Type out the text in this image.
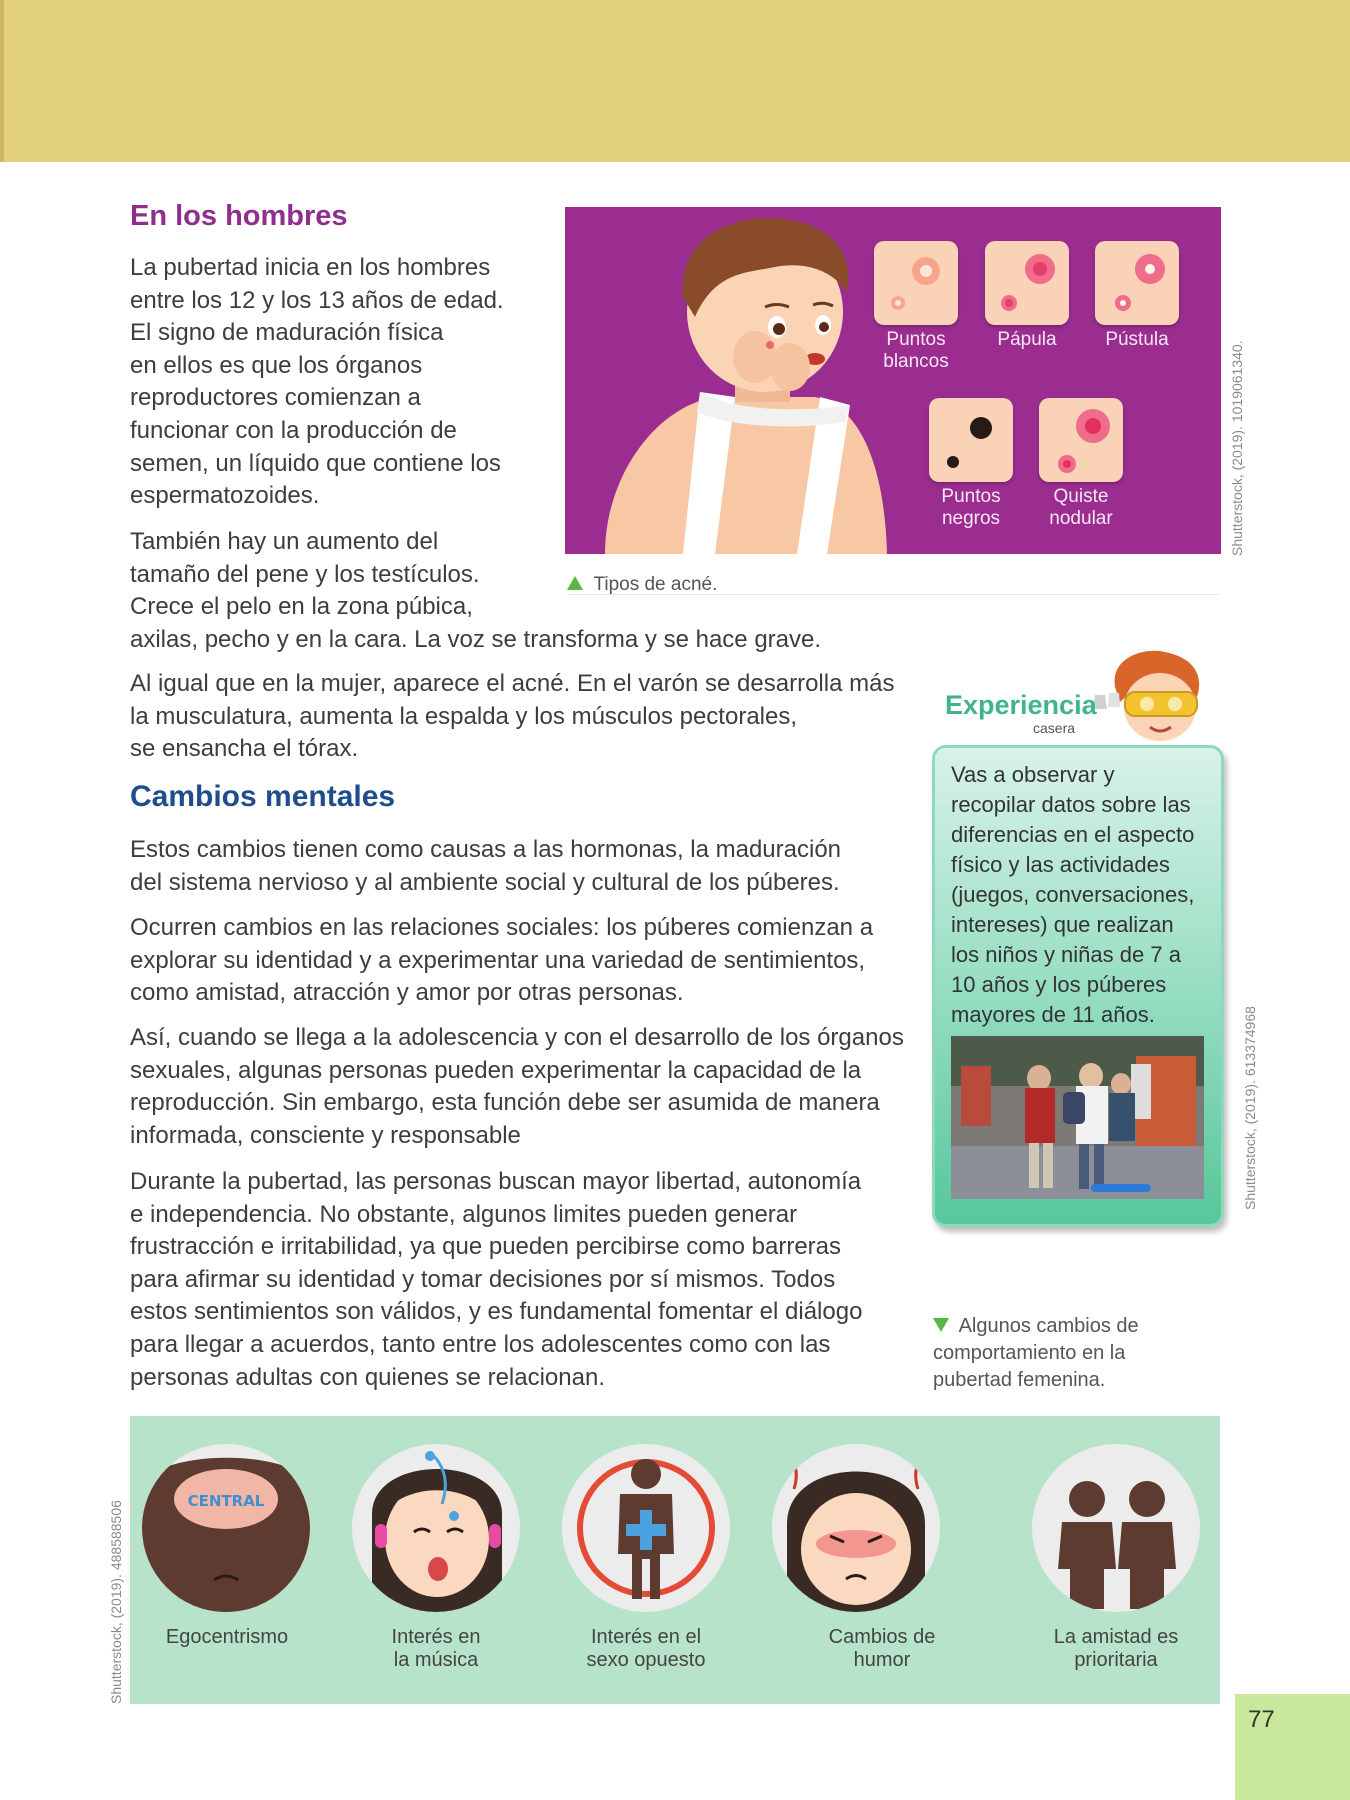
En los hombres

La pubertad inicia en los hombres
entre los 12 y los 13 años de edad.
El signo de maduración física
en ellos es que los órganos
reproductores comienzan a
funcionar con la producción de
semen, un líquido que contiene los
espermatozoides.

También hay un aumento del
tamaño del pene y los testículos.
Crece el pelo en la zona púbica,
axilas, pecho y en la cara. La voz se transforma y se hace grave.

Al igual que en la mujer, aparece el acné. En el varón se desarrolla más
la musculatura, aumenta la espalda y los músculos pectorales,
se ensancha el tórax.

Puntos
blancos
Pápula	Pústula
Puntos
negros
Quiste
nodular	Shutterstock, (2019). 1019061340.
Tipos de acné.
Cambios mentales

Estos cambios tienen como causas a las hormonas, la maduración
del sistema nervioso y al ambiente social y cultural de los púberes.

Ocurren cambios en las relaciones sociales: los púberes comienzan a
explorar su identidad y a experimentar una variedad de sentimientos,
como amistad, atracción y amor por otras personas.

Así, cuando se llega a la adolescencia y con el desarrollo de los órganos
sexuales, algunas personas pueden experimentar la capacidad de la
reproducción. Sin embargo, esta función debe ser asumida de manera
informada, consciente y responsable

Durante la pubertad, las personas buscan mayor libertad, autonomía
e independencia. No obstante, algunos limites pueden generar
frustracción e irritabilidad, ya que pueden percibirse como barreras
para afirmar su identidad y tomar decisiones por sí mismos. Todos
estos sentimientos son válidos, y es fundamental fomentar el diálogo
para llegar a acuerdos, tanto entre los adolescentes como con las
personas adultas con quienes se relacionan.

Experiencia
casera
Vas a observar y
recopilar datos sobre las
diferencias en el aspecto
físico y las actividades
(juegos, conversaciones,
intereses) que realizan
los niños y niñas de 7 a
10 años y los púberes
mayores de 11 años.	Shutterstock, (2019). 613374968
Algunos cambios de
comportamiento en la
pubertad femenina.
CENTRAL
Egocentrismo	Interés en
la música
Interés en el
sexo opuesto
Cambios de
humor
La amistad es
prioritaria
Shutterstock, (2019). 488588506
77
